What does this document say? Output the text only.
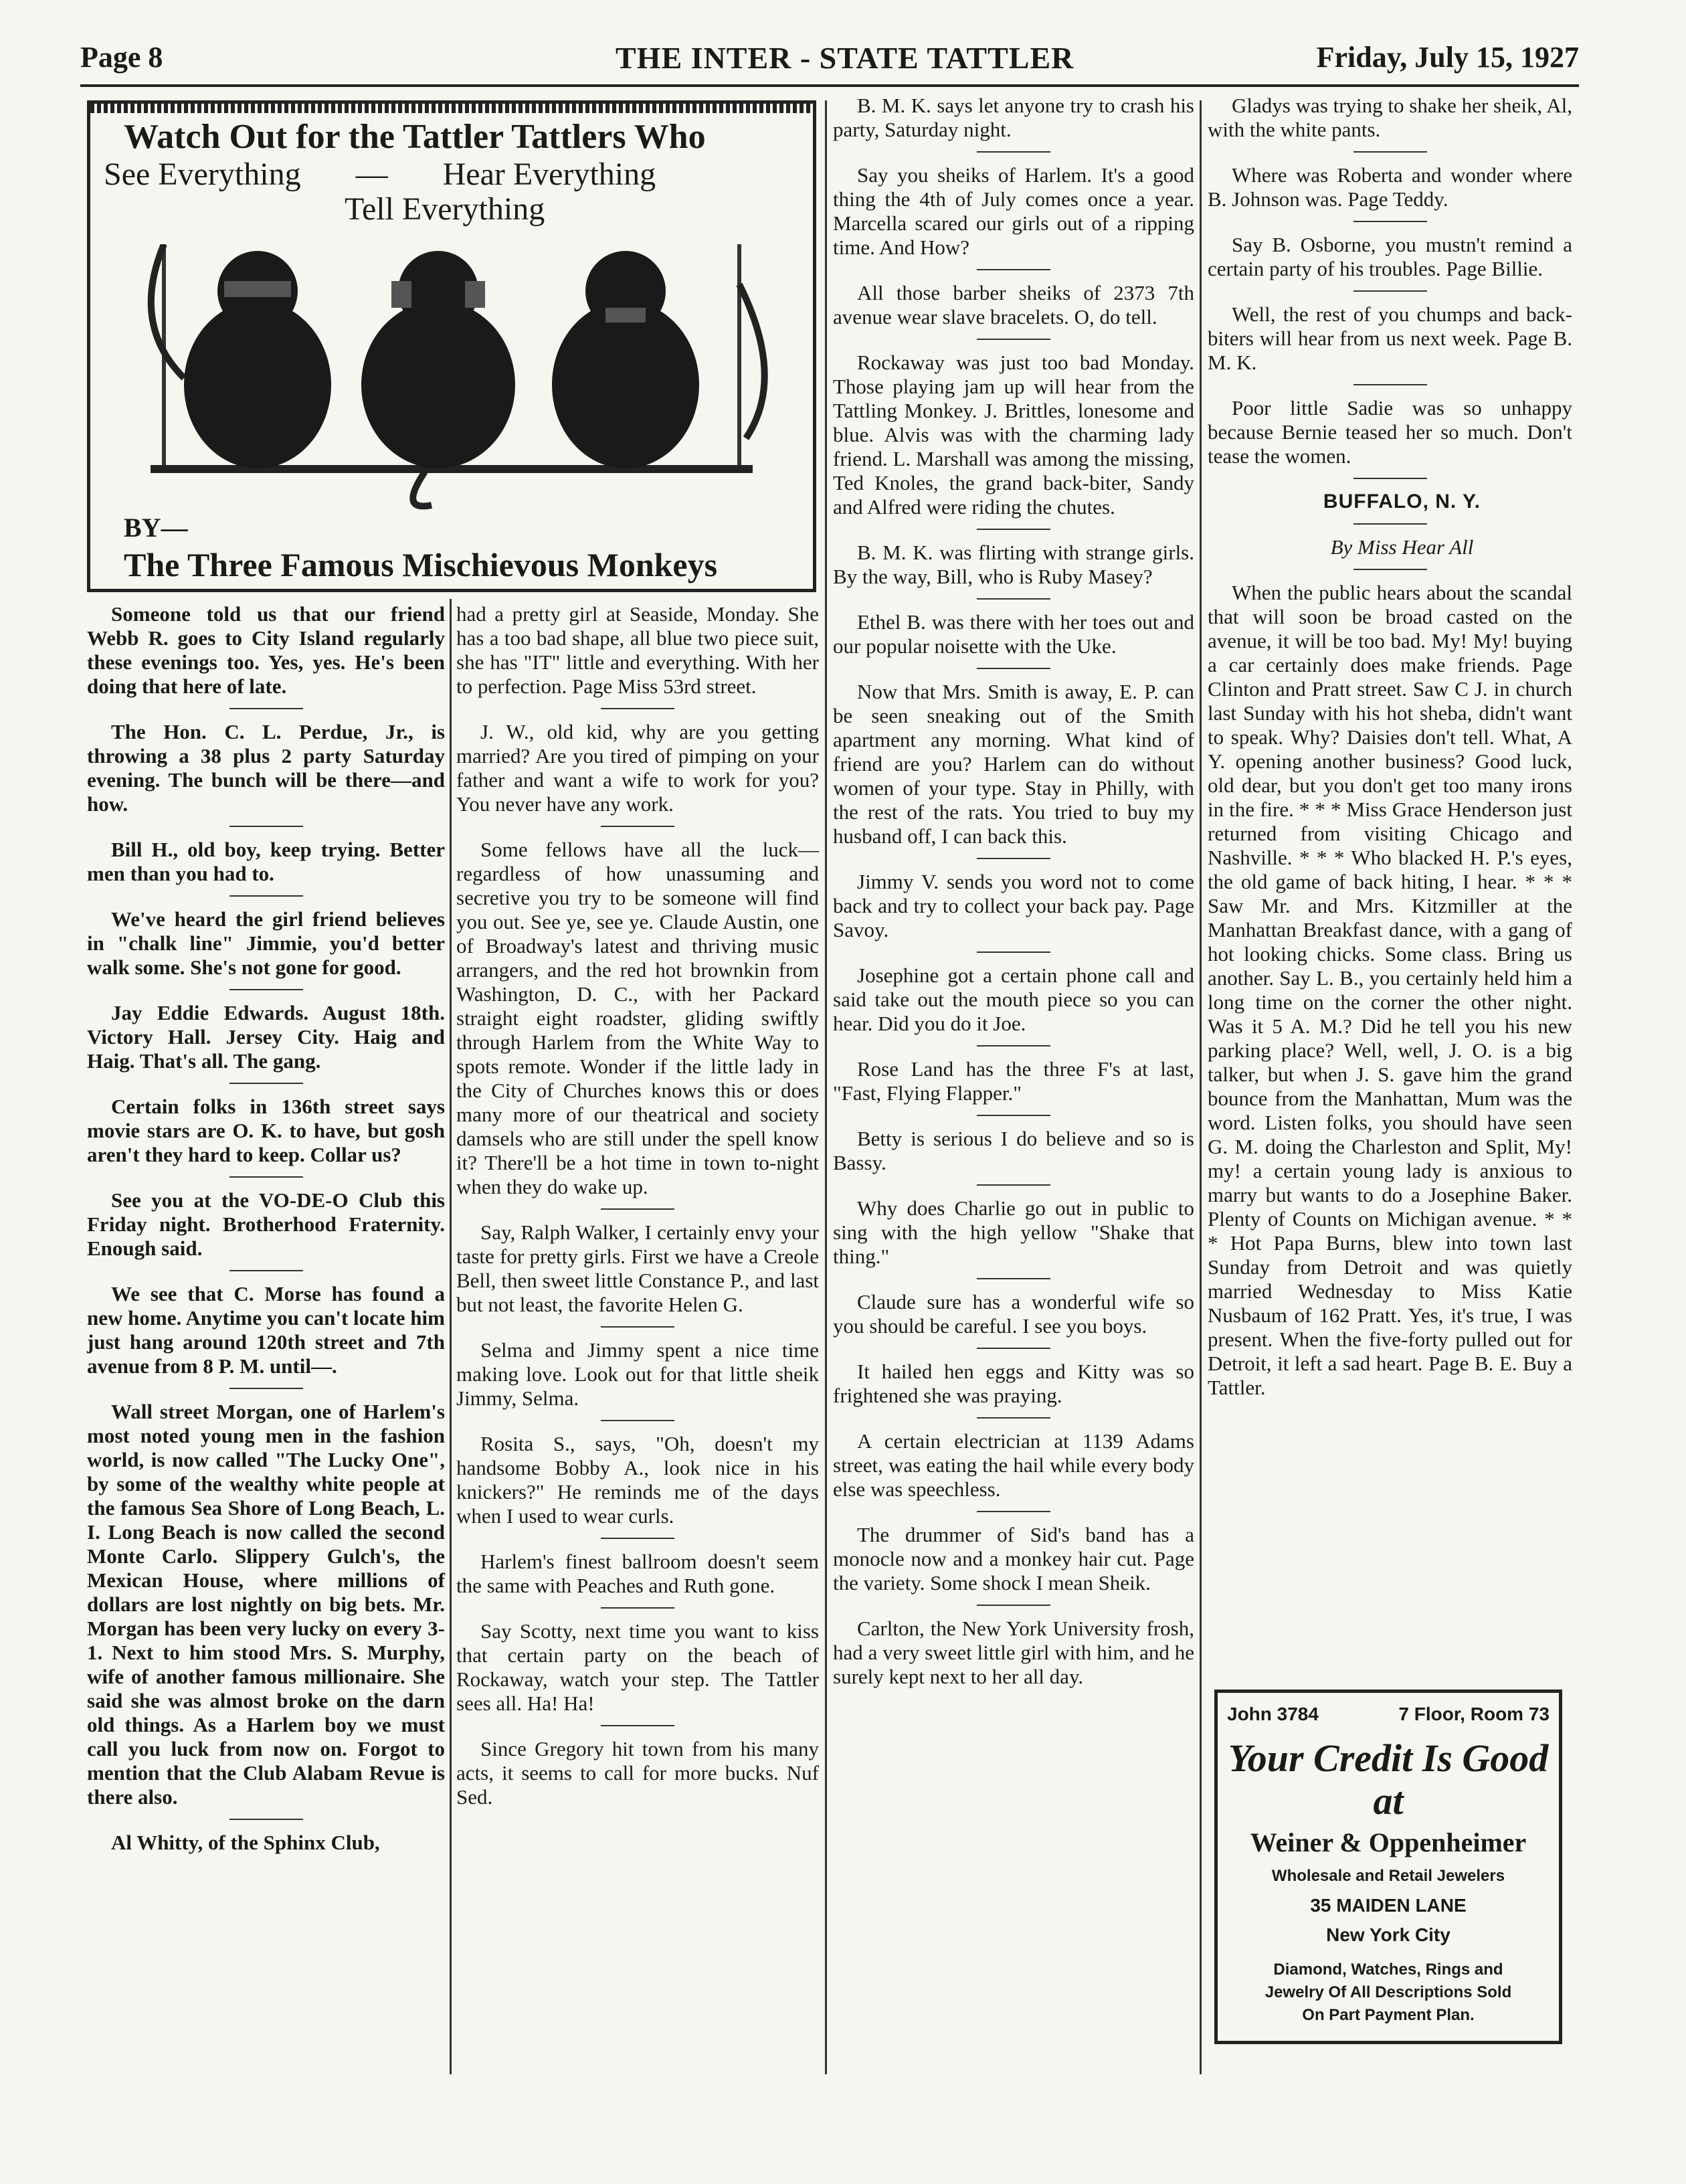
Page 8	THE INTER - STATE TATTLER	Friday, July 15, 1927
Watch Out for the Tattler Tattlers Who
See Everything — Hear Everything
Tell Everything
BY—
The Three Famous Mischievous Monkeys

Someone told us that our friend Webb R. goes to City Island regularly these evenings too. Yes, yes. He's been doing that here of late.

The Hon. C. L. Perdue, Jr., is throwing a 38 plus 2 party Saturday evening. The bunch will be there—and how.

Bill H., old boy, keep trying. Better men than you had to.

We've heard the girl friend believes in "chalk line" Jimmie, you'd better walk some. She's not gone for good.

Jay Eddie Edwards. August 18th. Victory Hall. Jersey City. Haig and Haig. That's all. The gang.

Certain folks in 136th street says movie stars are O. K. to have, but gosh aren't they hard to keep. Collar us?

See you at the VO-DE-O Club this Friday night. Brotherhood Fraternity. Enough said.

We see that C. Morse has found a new home. Anytime you can't locate him just hang around 120th street and 7th avenue from 8 P. M. until—.

Wall street Morgan, one of Harlem's most noted young men in the fashion world, is now called "The Lucky One", by some of the wealthy white people at the famous Sea Shore of Long Beach, L. I. Long Beach is now called the second Monte Carlo. Slippery Gulch's, the Mexican House, where millions of dollars are lost nightly on big bets. Mr. Morgan has been very lucky on every 3-1. Next to him stood Mrs. S. Murphy, wife of another famous millionaire. She said she was almost broke on the darn old things. As a Harlem boy we must call you luck from now on. Forgot to mention that the Club Alabam Revue is there also.

Al Whitty, of the Sphinx Club,

had a pretty girl at Seaside, Monday. She has a too bad shape, all blue two piece suit, she has "IT" little and everything. With her to perfection. Page Miss 53rd street.

J. W., old kid, why are you getting married? Are you tired of pimping on your father and want a wife to work for you? You never have any work.

Some fellows have all the luck—regardless of how unassuming and secretive you try to be someone will find you out. See ye, see ye. Claude Austin, one of Broadway's latest and thriving music arrangers, and the red hot brownkin from Washington, D. C., with her Packard straight eight roadster, gliding swiftly through Harlem from the White Way to spots remote. Wonder if the little lady in the City of Churches knows this or does many more of our theatrical and society damsels who are still under the spell know it? There'll be a hot time in town to-night when they do wake up.

Say, Ralph Walker, I certainly envy your taste for pretty girls. First we have a Creole Bell, then sweet little Constance P., and last but not least, the favorite Helen G.

Selma and Jimmy spent a nice time making love. Look out for that little sheik Jimmy, Selma.

Rosita S., says, "Oh, doesn't my handsome Bobby A., look nice in his knickers?" He reminds me of the days when I used to wear curls.

Harlem's finest ballroom doesn't seem the same with Peaches and Ruth gone.

Say Scotty, next time you want to kiss that certain party on the beach of Rockaway, watch your step. The Tattler sees all. Ha! Ha!

Since Gregory hit town from his many acts, it seems to call for more bucks. Nuf Sed.

B. M. K. says let anyone try to crash his party, Saturday night.

Say you sheiks of Harlem. It's a good thing the 4th of July comes once a year. Marcella scared our girls out of a ripping time. And How?

All those barber sheiks of 2373 7th avenue wear slave bracelets. O, do tell.

Rockaway was just too bad Monday. Those playing jam up will hear from the Tattling Monkey. J. Brittles, lonesome and blue. Alvis was with the charming lady friend. L. Marshall was among the missing, Ted Knoles, the grand back-biter, Sandy and Alfred were riding the chutes.

B. M. K. was flirting with strange girls. By the way, Bill, who is Ruby Masey?

Ethel B. was there with her toes out and our popular noisette with the Uke.

Now that Mrs. Smith is away, E. P. can be seen sneaking out of the Smith apartment any morning. What kind of friend are you? Harlem can do without women of your type. Stay in Philly, with the rest of the rats. You tried to buy my husband off, I can back this.

Jimmy V. sends you word not to come back and try to collect your back pay. Page Savoy.

Josephine got a certain phone call and said take out the mouth piece so you can hear. Did you do it Joe.

Rose Land has the three F's at last, "Fast, Flying Flapper."

Betty is serious I do believe and so is Bassy.

Why does Charlie go out in public to sing with the high yellow "Shake that thing."

Claude sure has a wonderful wife so you should be careful. I see you boys.

It hailed hen eggs and Kitty was so frightened she was praying.

A certain electrician at 1139 Adams street, was eating the hail while every body else was speechless.

The drummer of Sid's band has a monocle now and a monkey hair cut. Page the variety. Some shock I mean Sheik.

Carlton, the New York University frosh, had a very sweet little girl with him, and he surely kept next to her all day.

Gladys was trying to shake her sheik, Al, with the white pants.

Where was Roberta and wonder where B. Johnson was. Page Teddy.

Say B. Osborne, you mustn't remind a certain party of his troubles. Page Billie.

Well, the rest of you chumps and back-biters will hear from us next week. Page B. M. K.

Poor little Sadie was so unhappy because Bernie teased her so much. Don't tease the women.

BUFFALO, N. Y.

By Miss Hear All

When the public hears about the scandal that will soon be broad casted on the avenue, it will be too bad. My! My! buying a car certainly does make friends. Page Clinton and Pratt street. Saw C J. in church last Sunday with his hot sheba, didn't want to speak. Why? Daisies don't tell. What, A Y. opening another business? Good luck, old dear, but you don't get too many irons in the fire. * * * Miss Grace Henderson just returned from visiting Chicago and Nashville. * * * Who blacked H. P.'s eyes, the old game of back hiting, I hear. * * * Saw Mr. and Mrs. Kitzmiller at the Manhattan Breakfast dance, with a gang of hot looking chicks. Some class. Bring us another. Say L. B., you certainly held him a long time on the corner the other night. Was it 5 A. M.? Did he tell you his new parking place? Well, well, J. O. is a big talker, but when J. S. gave him the grand bounce from the Manhattan, Mum was the word. Listen folks, you should have seen G. M. doing the Charleston and Split, My! my! a certain young lady is anxious to marry but wants to do a Josephine Baker. Plenty of Counts on Michigan avenue. * * * Hot Papa Burns, blew into town last Sunday from Detroit and was quietly married Wednesday to Miss Katie Nusbaum of 162 Pratt. Yes, it's true, I was present. When the five-forty pulled out for Detroit, it left a sad heart. Page B. E. Buy a Tattler.

John 3784	7 Floor, Room 73
Your Credit Is Good at
Weiner & Oppenheimer
Wholesale and Retail Jewelers
35 MAIDEN LANE
New York City
Diamond, Watches, Rings and
Jewelry Of All Descriptions Sold
On Part Payment Plan.
